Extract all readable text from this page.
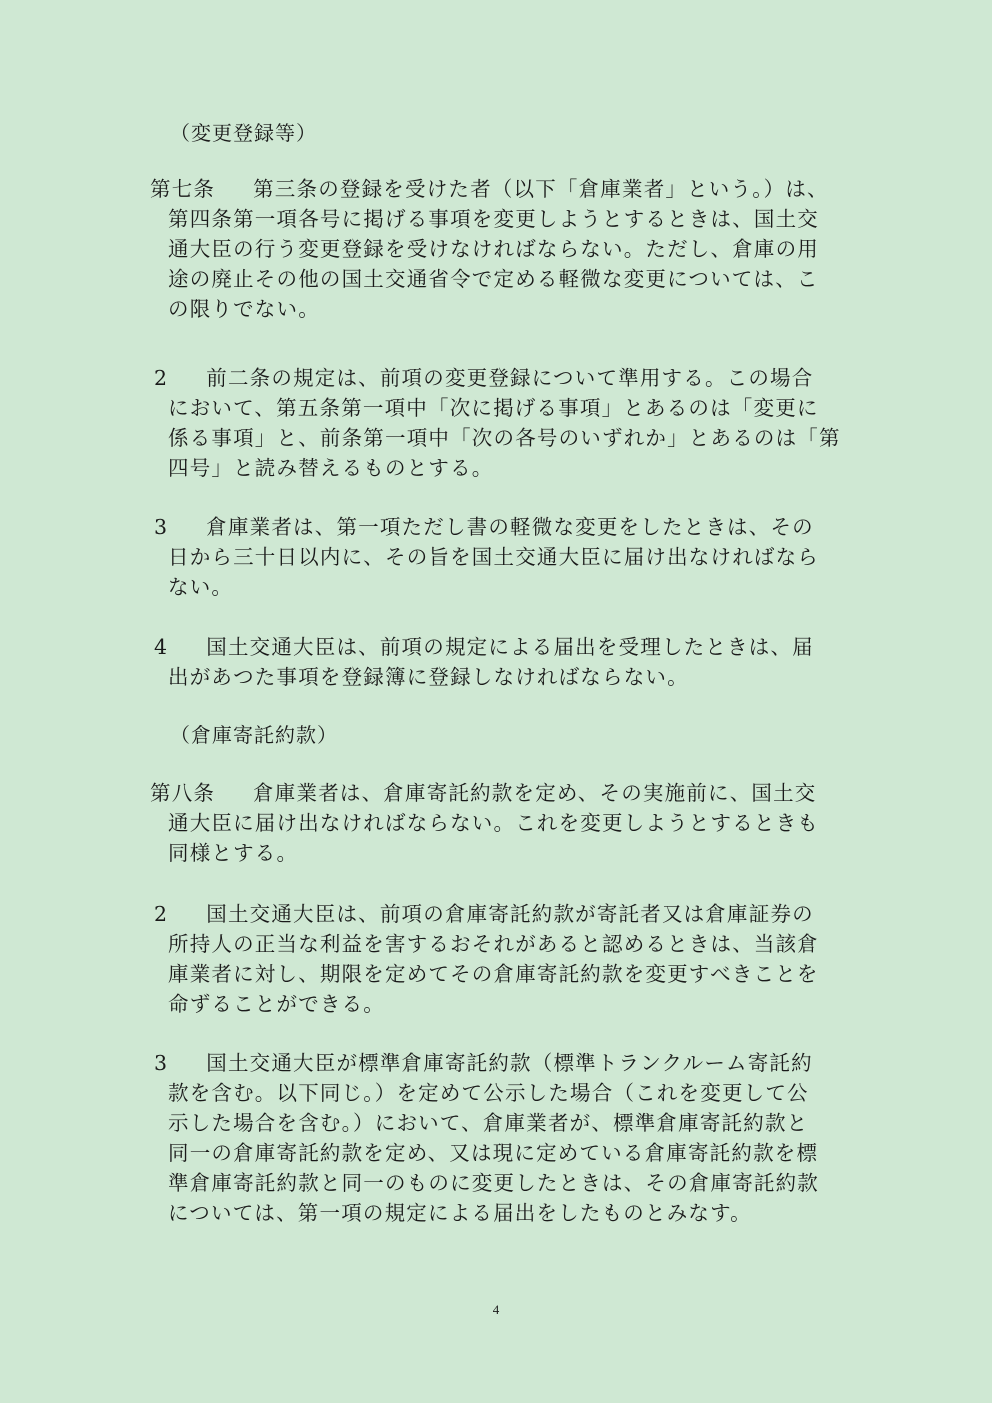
（変更登録等）
第七条 第三条の登録を受けた者（以下「倉庫業者」という。）は、
第四条第一項各号に掲げる事項を変更しようとするときは、国土交
通大臣の行う変更登録を受けなければならない。ただし、倉庫の用
途の廃止その他の国土交通省令で定める軽微な変更については、こ
の限りでない。
2 前二条の規定は、前項の変更登録について準用する。この場合
において、第五条第一項中「次に掲げる事項」とあるのは「変更に
係る事項」と、前条第一項中「次の各号のいずれか」とあるのは「第
四号」と読み替えるものとする。
3 倉庫業者は、第一項ただし書の軽微な変更をしたときは、その
日から三十日以内に、その旨を国土交通大臣に届け出なければなら
ない。
4 国土交通大臣は、前項の規定による届出を受理したときは、届
出があつた事項を登録簿に登録しなければならない。
（倉庫寄託約款）
第八条 倉庫業者は、倉庫寄託約款を定め、その実施前に、国土交
通大臣に届け出なければならない。これを変更しようとするときも
同様とする。
2 国土交通大臣は、前項の倉庫寄託約款が寄託者又は倉庫証券の
所持人の正当な利益を害するおそれがあると認めるときは、当該倉
庫業者に対し、期限を定めてその倉庫寄託約款を変更すべきことを
命ずることができる。
3 国土交通大臣が標準倉庫寄託約款（標準トランクルーム寄託約
款を含む。以下同じ。）を定めて公示した場合（これを変更して公
示した場合を含む。）において、倉庫業者が、標準倉庫寄託約款と
同一の倉庫寄託約款を定め、又は現に定めている倉庫寄託約款を標
準倉庫寄託約款と同一のものに変更したときは、その倉庫寄託約款
については、第一項の規定による届出をしたものとみなす。
4
